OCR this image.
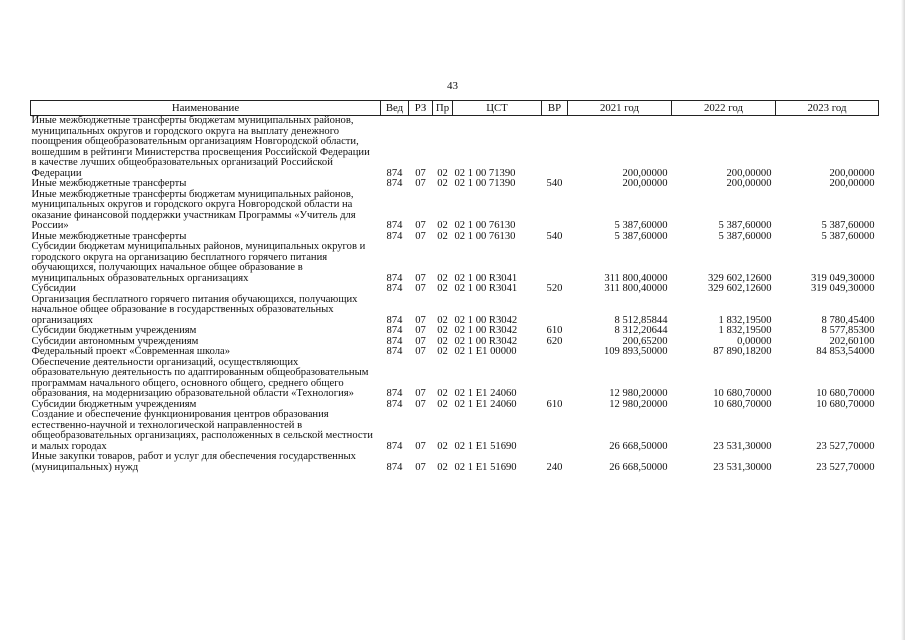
43
Наименование	Вед	РЗ	Пр	ЦСТ	ВР	2021 год	2022 год	2023 год
Иные межбюджетные трансферты бюджетам муниципальных районов, муниципальных округов и городского округа на выплату денежного поощрения общеобразовательным организациям Новгородской области, вошедшим в рейтинги Министерства просвещения Российской Федерации в качестве лучших общеобразовательных организаций Российской Федерации	874	07	02	02 1 00 71390		200,00000	200,00000	200,00000
Иные межбюджетные трансферты	874	07	02	02 1 00 71390	540	200,00000	200,00000	200,00000
Иные межбюджетные трансферты бюджетам муниципальных районов, муниципальных округов и городского округа Новгородской области на оказание финансовой поддержки участникам Программы «Учитель для России»	874	07	02	02 1 00 76130		5 387,60000	5 387,60000	5 387,60000
Иные межбюджетные трансферты	874	07	02	02 1 00 76130	540	5 387,60000	5 387,60000	5 387,60000
Субсидии бюджетам муниципальных районов, муниципальных округов и городского округа на организацию бесплатного горячего питания обучающихся, получающих начальное общее образование в муниципальных образовательных организациях	874	07	02	02 1 00 R3041		311 800,40000	329 602,12600	319 049,30000
Субсидии	874	07	02	02 1 00 R3041	520	311 800,40000	329 602,12600	319 049,30000
Организация бесплатного горячего питания обучающихся, получающих начальное общее образование в государственных образовательных организациях	874	07	02	02 1 00 R3042		8 512,85844	1 832,19500	8 780,45400
Субсидии бюджетным учреждениям	874	07	02	02 1 00 R3042	610	8 312,20644	1 832,19500	8 577,85300
Субсидии автономным учреждениям	874	07	02	02 1 00 R3042	620	200,65200	0,00000	202,60100
Федеральный проект «Современная школа»	874	07	02	02 1 E1 00000		109 893,50000	87 890,18200	84 853,54000
Обеспечение деятельности организаций, осуществляющих образовательную деятельность по адаптированным общеобразовательным программам начального общего, основного общего, среднего общего образования, на модернизацию образовательной области «Технология»	874	07	02	02 1 E1 24060		12 980,20000	10 680,70000	10 680,70000
Субсидии бюджетным учреждениям	874	07	02	02 1 E1 24060	610	12 980,20000	10 680,70000	10 680,70000
Создание и обеспечение функционирования центров образования естественно-научной и технологической направленностей в общеобразовательных организациях, расположенных в сельской местности и малых городах	874	07	02	02 1 E1 51690		26 668,50000	23 531,30000	23 527,70000
Иные закупки товаров, работ и услуг для обеспечения государственных (муниципальных) нужд	874	07	02	02 1 E1 51690	240	26 668,50000	23 531,30000	23 527,70000
